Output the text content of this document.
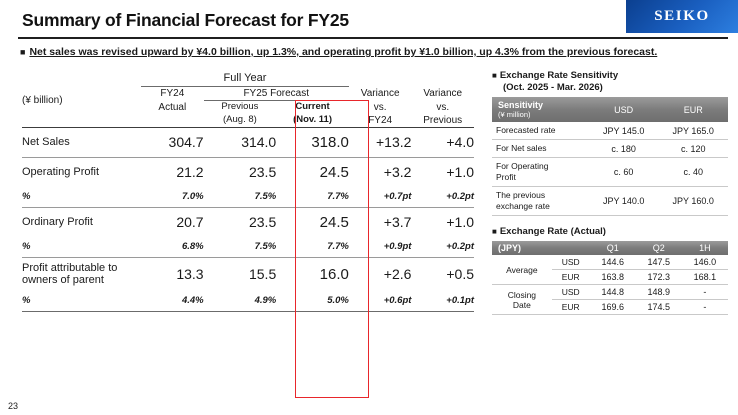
Summary of Financial Forecast for FY25	SEIKO
■ Net sales was revised upward by ¥4.0 billion, up 1.3%, and operating profit by ¥1.0 billion, up 4.3% from the previous forecast.
	Full Year				
(¥ billion)	FY24	FY25 Forecast		Variance	Variance
	Actual	Previous	Current	vs.	vs.
		(Aug. 8)	(Nov. 11)	FY24	Previous
Net Sales	304.7	314.0	318.0	+13.2	+4.0
Operating Profit	21.2	23.5	24.5	+3.2	+1.0
%	7.0%	7.5%	7.7%	+0.7pt	+0.2pt
Ordinary Profit	20.7	23.5	24.5	+3.7	+1.0
%	6.8%	7.5%	7.7%	+0.9pt	+0.2pt
Profit attributable to
owners of parent	13.3	15.5	16.0	+2.6	+0.5
%	4.4%	4.9%	5.0%	+0.6pt	+0.1pt

■ Exchange Rate Sensitivity
(Oct. 2025 - Mar. 2026)
Sensitivity
(¥ million)	USD	EUR
Forecasted rate	JPY 145.0	JPY 165.0
For Net sales	c. 180	c. 120
For Operating
Profit	c. 60	c. 40
The previous
exchange rate	JPY 140.0	JPY 160.0
■ Exchange Rate (Actual)
(JPY)		Q1	Q2	1H
Average	USD	144.6	147.5	146.0
	EUR	163.8	172.3	168.1
Closing
Date	USD	144.8	148.9	-
	EUR	169.6	174.5	-
23
